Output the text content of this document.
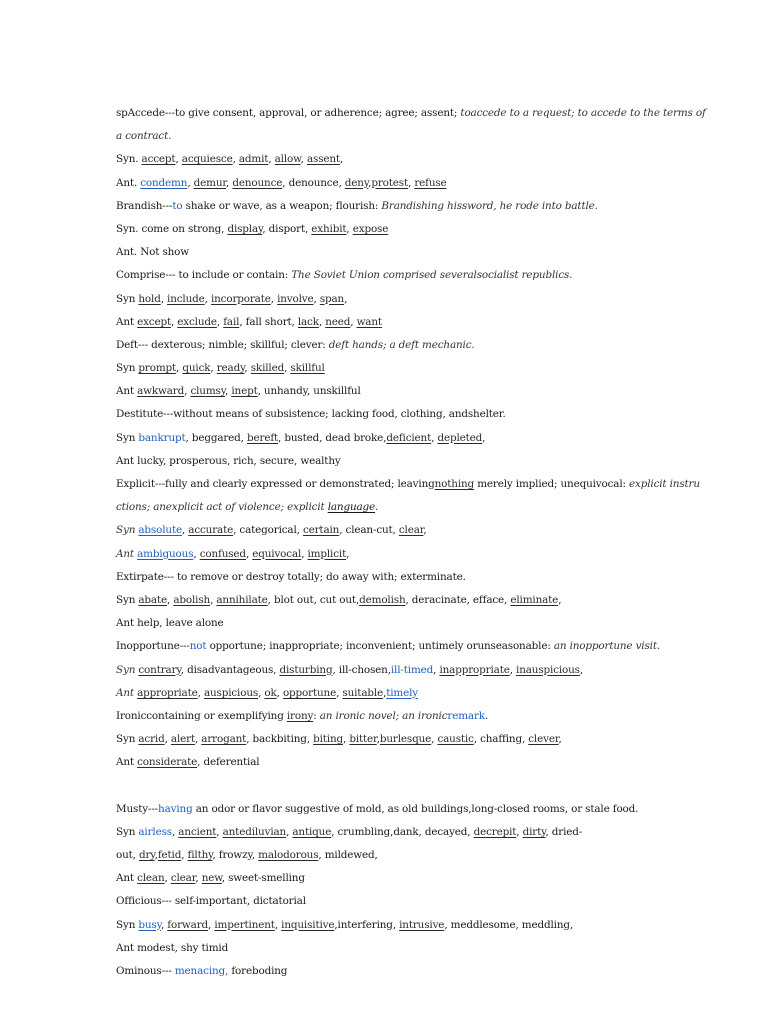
spAccede---to give consent, approval, or adherence; agree; assent; toaccede to a request; to accede to the terms of
a contract.
Syn. accept, acquiesce, admit, allow, assent,
Ant. condemn, demur, denounce, denounce, deny,protest, refuse
Brandish---to shake or wave, as a weapon; flourish: Brandishing hissword, he rode into battle.
Syn. come on strong, display, disport, exhibit, expose
Ant. Not show
Comprise--- to include or contain: The Soviet Union comprised severalsocialist republics.
Syn hold, include, incorporate, involve, span,
Ant except, exclude, fail, fall short, lack, need, want
Deft--- dexterous; nimble; skillful; clever: deft hands; a deft mechanic.
Syn prompt, quick, ready, skilled, skillful
Ant awkward, clumsy, inept, unhandy, unskillful
Destitute---without means of subsistence; lacking food, clothing, andshelter.
Syn bankrupt, beggared, bereft, busted, dead broke,deficient, depleted,
Ant lucky, prosperous, rich, secure, wealthy
Explicit---fully and clearly expressed or demonstrated; leavingnothing merely implied; unequivocal: explicit instru
ctions; anexplicit act of violence; explicit language.
Syn absolute, accurate, categorical, certain, clean-cut, clear,
Ant ambiguous, confused, equivocal, implicit,
Extirpate--- to remove or destroy totally; do away with; exterminate.
Syn abate, abolish, annihilate, blot out, cut out,demolish, deracinate, efface, eliminate,
Ant help, leave alone
Inopportune---not opportune; inappropriate; inconvenient; untimely orunseasonable: an inopportune visit.
Syn contrary, disadvantageous, disturbing, ill-chosen,ill-timed, inappropriate, inauspicious,
Ant appropriate, auspicious, ok, opportune, suitable,timely
Ironiccontaining or exemplifying irony: an ironic novel; an ironicremark.
Syn acrid, alert, arrogant, backbiting, biting, bitter,burlesque, caustic, chaffing, clever,
Ant considerate, deferential
Musty---having an odor or flavor suggestive of mold, as old buildings,long-closed rooms, or stale food.
Syn airless, ancient, antediluvian, antique, crumbling,dank, decayed, decrepit, dirty, dried-
out, dry,fetid, filthy, frowzy, malodorous, mildewed,
Ant clean, clear, new, sweet-smelling
Officious--- self-important, dictatorial
Syn busy, forward, impertinent, inquisitive,interfering, intrusive, meddlesome, meddling,
Ant modest, shy timid
Ominous--- menacing, foreboding
